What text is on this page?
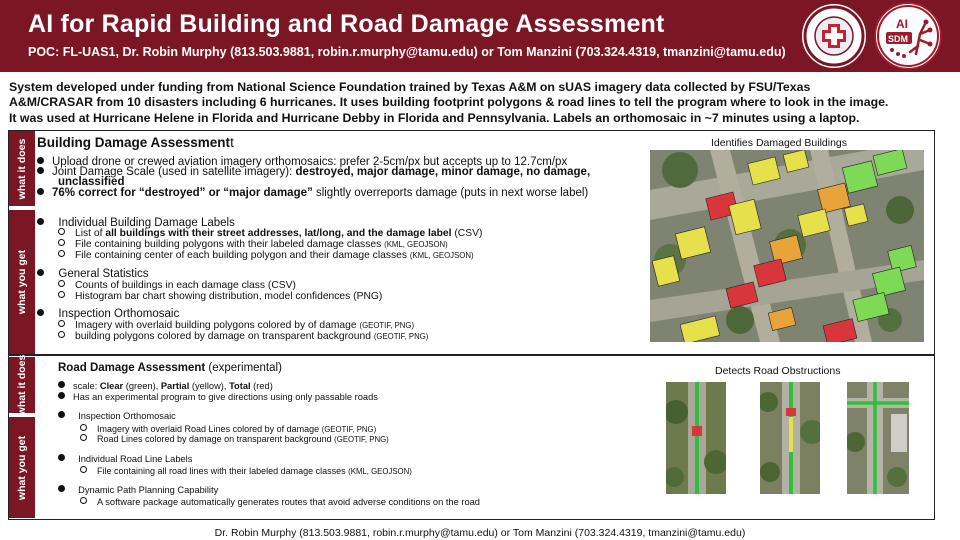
AI for Rapid Building and Road Damage Assessment
POC: FL-UAS1, Dr. Robin Murphy (813.503.9881, robin.r.murphy@tamu.edu) or Tom Manzini (703.324.4319, tmanzini@tamu.edu)
AI
SDM
System developed under funding from National Science Foundation trained by Texas A&M on sUAS imagery data collected by FSU/Texas
A&M/CRASAR from 10 disasters including 6 hurricanes. It uses building footprint polygons & road lines to tell the program where to look in the image.
It was used at Hurricane Helene in Florida and Hurricane Debby in Florida and Pennsylvania. Labels an orthomosaic in ~7 minutes using a laptop.
what it does
what you get
Building Damage Assessmentt
Upload drone or crewed aviation imagery orthomosaics: prefer 2-5cm/px but accepts up to 12.7cm/px
Joint Damage Scale (used in satellite imagery): destroyed, major damage, minor damage, no damage,
unclassified
76% correct for “destroyed” or “major damage” slightly overreports damage (puts in next worse label)
Individual Building Damage Labels
List of all buildings with their street addresses, lat/long, and the damage label (CSV)
File containing building polygons with their labeled damage classes (KML, GEOJSON)
File containing center of each building polygon and their damage classes (KML, GEOJSON)
General Statistics
Counts of buildings in each damage class (CSV)
Histogram bar chart showing distribution, model confidences (PNG)
Inspection Orthomosaic
Imagery with overlaid building polygons colored by of damage (GEOTIF, PNG)
building polygons colored by damage on transparent background (GEOTIF, PNG)
Identifies Damaged Buildings
what it does
what you get
Road Damage Assessment (experimental)
scale: Clear (green), Partial (yellow), Total (red)
Has an experimental program to give directions using only passable roads
Inspection Orthomosaic
Imagery with overlaid Road Lines colored by of damage (GEOTIF, PNG)
Road Lines colored by damage on transparent background (GEOTIF, PNG)
Individual Road Line Labels
File containing all road lines with their labeled damage classes (KML, GEOJSON)
Dynamic Path Planning Capability
A software package automatically generates routes that avoid adverse conditions on the road
Detects Road Obstructions
Dr. Robin Murphy (813.503.9881, robin.r.murphy@tamu.edu) or Tom Manzini (703.324.4319, tmanzini@tamu.edu)
